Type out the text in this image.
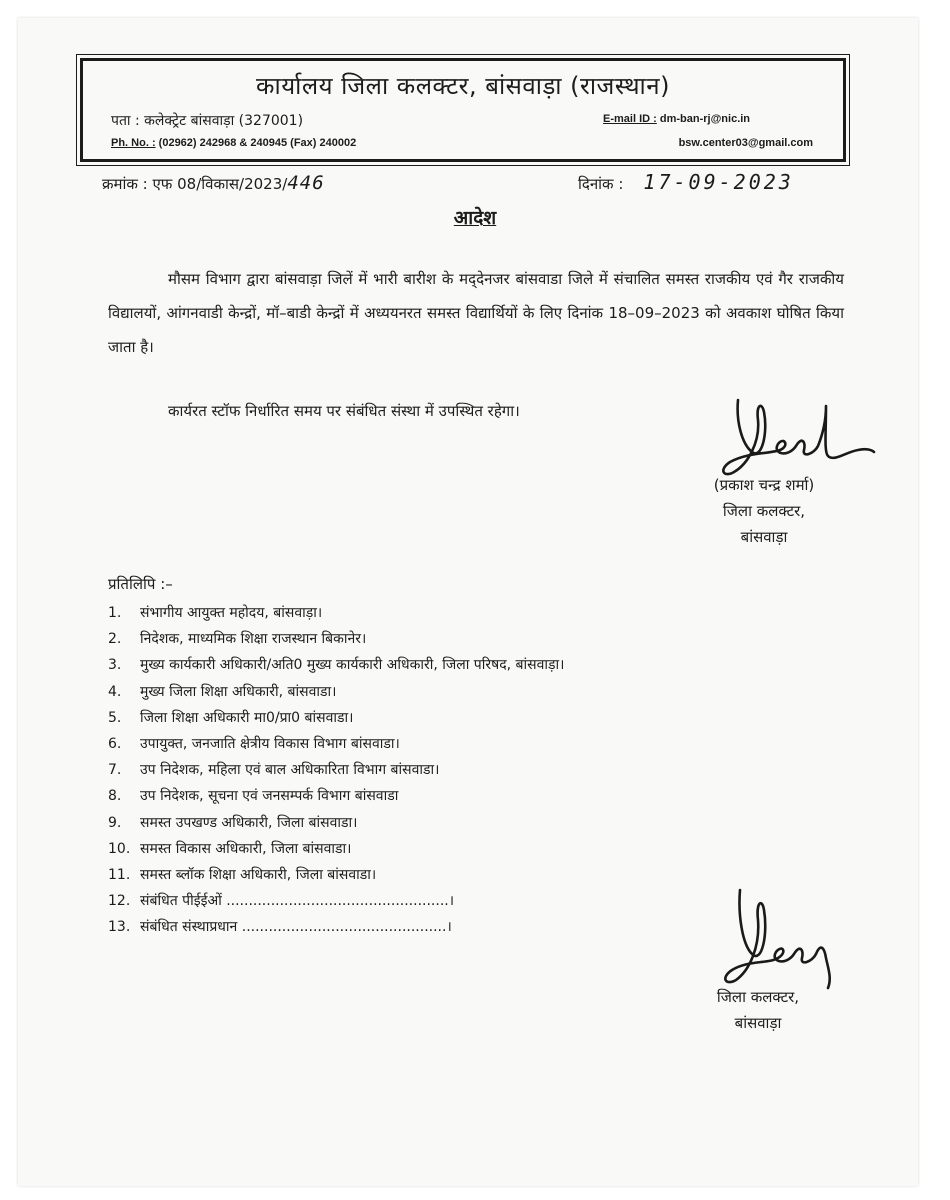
कार्यालय जिला कलक्टर, बांसवाड़ा (राजस्थान)
पता : कलेक्ट्रेट बांसवाड़ा (327001)
Ph. No. : (02962) 242968 & 240945 (Fax) 240002
E-mail ID : dm-ban-rj@nic.in
bsw.center03@gmail.com
क्रमांक : एफ 08/विकास/2023/446	दिनांक : 17-09-2023
आदेश
मौसम विभाग द्वारा बांसवाड़ा जिलें में भारी बारीश के मद्‌देनजर बांसवाडा जिले में संचालित समस्त राजकीय एवं गैर राजकीय विद्यालयों, आंगनवाडी केन्द्रों, मॉ–बाडी केन्द्रों में अध्ययनरत समस्त विद्यार्थियों के लिए दिनांक 18–09–2023 को अवकाश घोषित किया जाता है।
कार्यरत स्टॉफ निर्धारित समय पर संबंधित संस्था में उपस्थित रहेगा।
(प्रकाश चन्द्र शर्मा)
जिला कलक्टर,
बांसवाड़ा
प्रतिलिपि :–
1. संभागीय आयुक्त महोदय, बांसवाड़ा।
2. निदेशक, माध्यमिक शिक्षा राजस्थान बिकानेर।
3. मुख्य कार्यकारी अधिकारी/अति0 मुख्य कार्यकारी अधिकारी, जिला परिषद, बांसवाड़ा।
4. मुख्य जिला शिक्षा अधिकारी, बांसवाडा।
5. जिला शिक्षा अधिकारी मा0/प्रा0 बांसवाडा।
6. उपायुक्त, जनजाति क्षेत्रीय विकास विभाग बांसवाडा।
7. उप निदेशक, महिला एवं बाल अधिकारिता विभाग बांसवाडा।
8. उप निदेशक, सूचना एवं जनसम्पर्क विभाग बांसवाडा
9. समस्त उपखण्ड अधिकारी, जिला बांसवाडा।
10. समस्त विकास अधिकारी, जिला बांसवाडा।
11. समस्त ब्लॉक शिक्षा अधिकारी, जिला बांसवाडा।
12. संबंधित पीईईओं ..................................................।
13. संबंधित संस्थाप्रधान ..............................................।
जिला कलक्टर,
बांसवाड़ा
